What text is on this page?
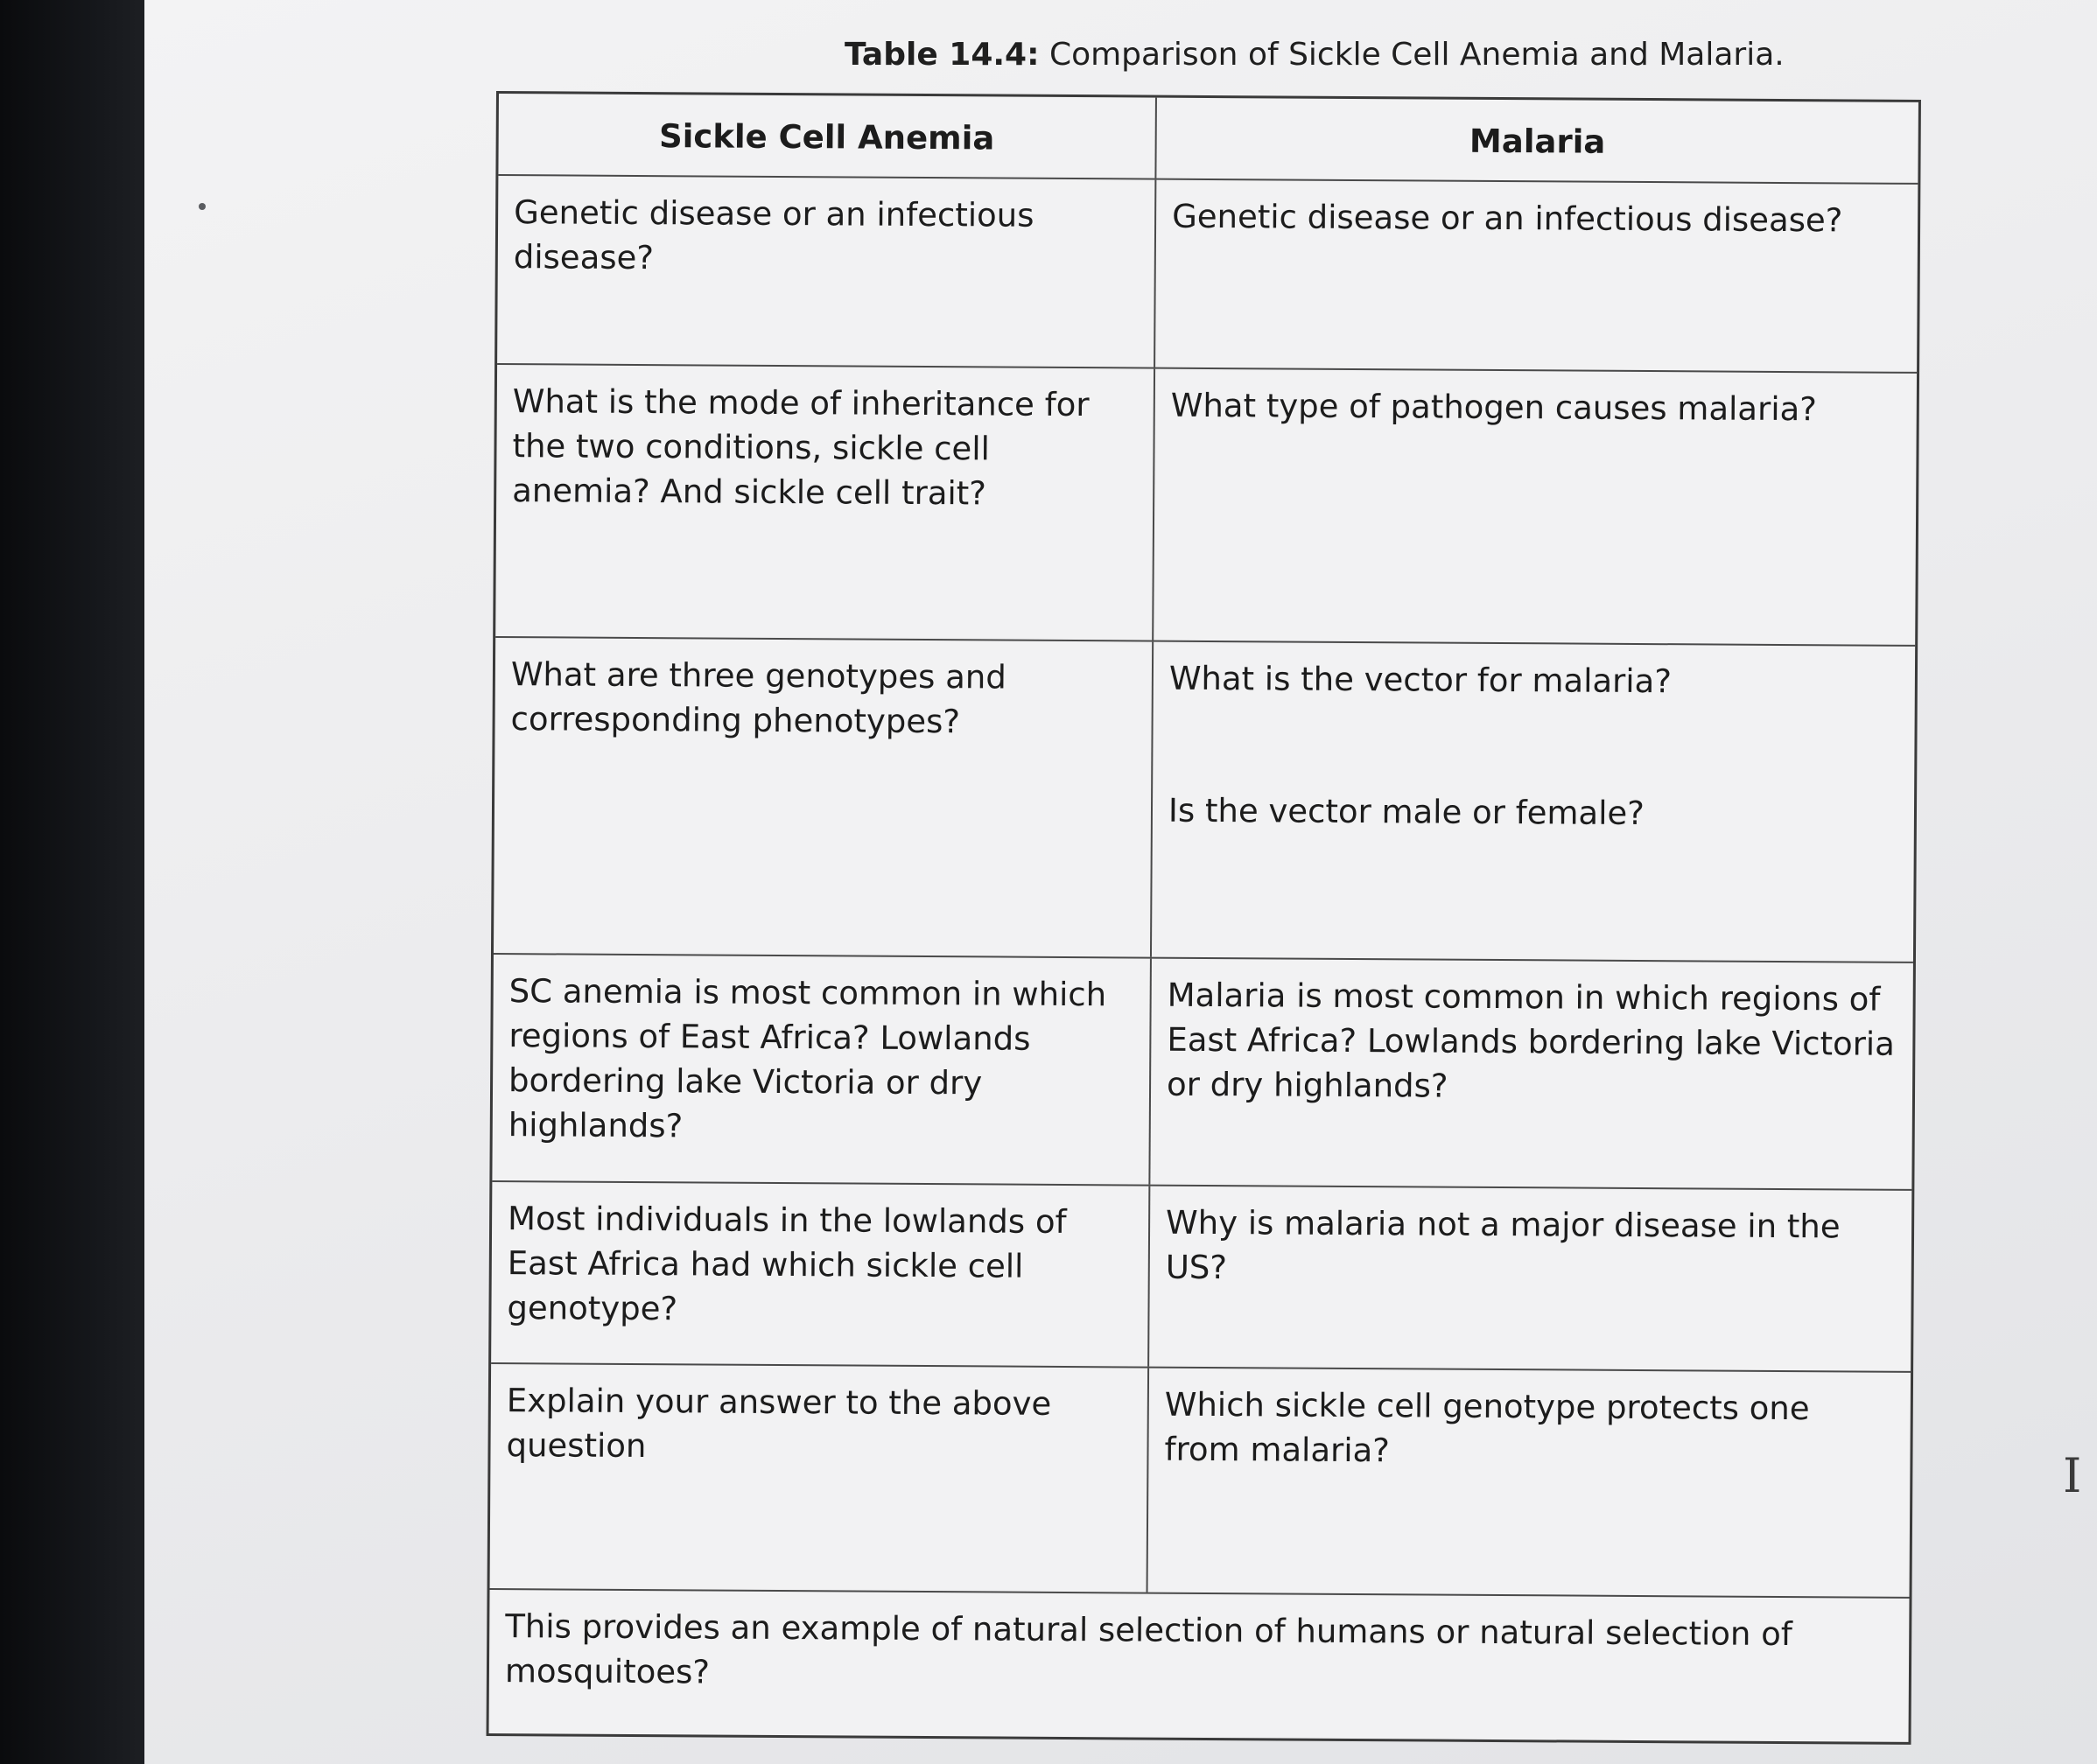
Table 14.4: Comparison of Sickle Cell Anemia and Malaria.
Sickle Cell Anemia	Malaria
Genetic disease or an infectious disease?
Genetic disease or an infectious disease?
What is the mode of inheritance for the two conditions, sickle cell anemia? And sickle cell trait?
What type of pathogen causes malaria?
What are three genotypes and corresponding phenotypes?
What is the vector for malaria?
Is the vector male or female?
SC anemia is most common in which regions of East Africa? Lowlands bordering lake Victoria or dry highlands?
Malaria is most common in which regions of East Africa? Lowlands bordering lake Victoria or dry highlands?
Most individuals in the lowlands of East Africa had which sickle cell genotype?
Why is malaria not a major disease in the US?
Explain your answer to the above question
Which sickle cell genotype protects one from malaria?
This provides an example of natural selection of humans or natural selection of mosquitoes?
I
